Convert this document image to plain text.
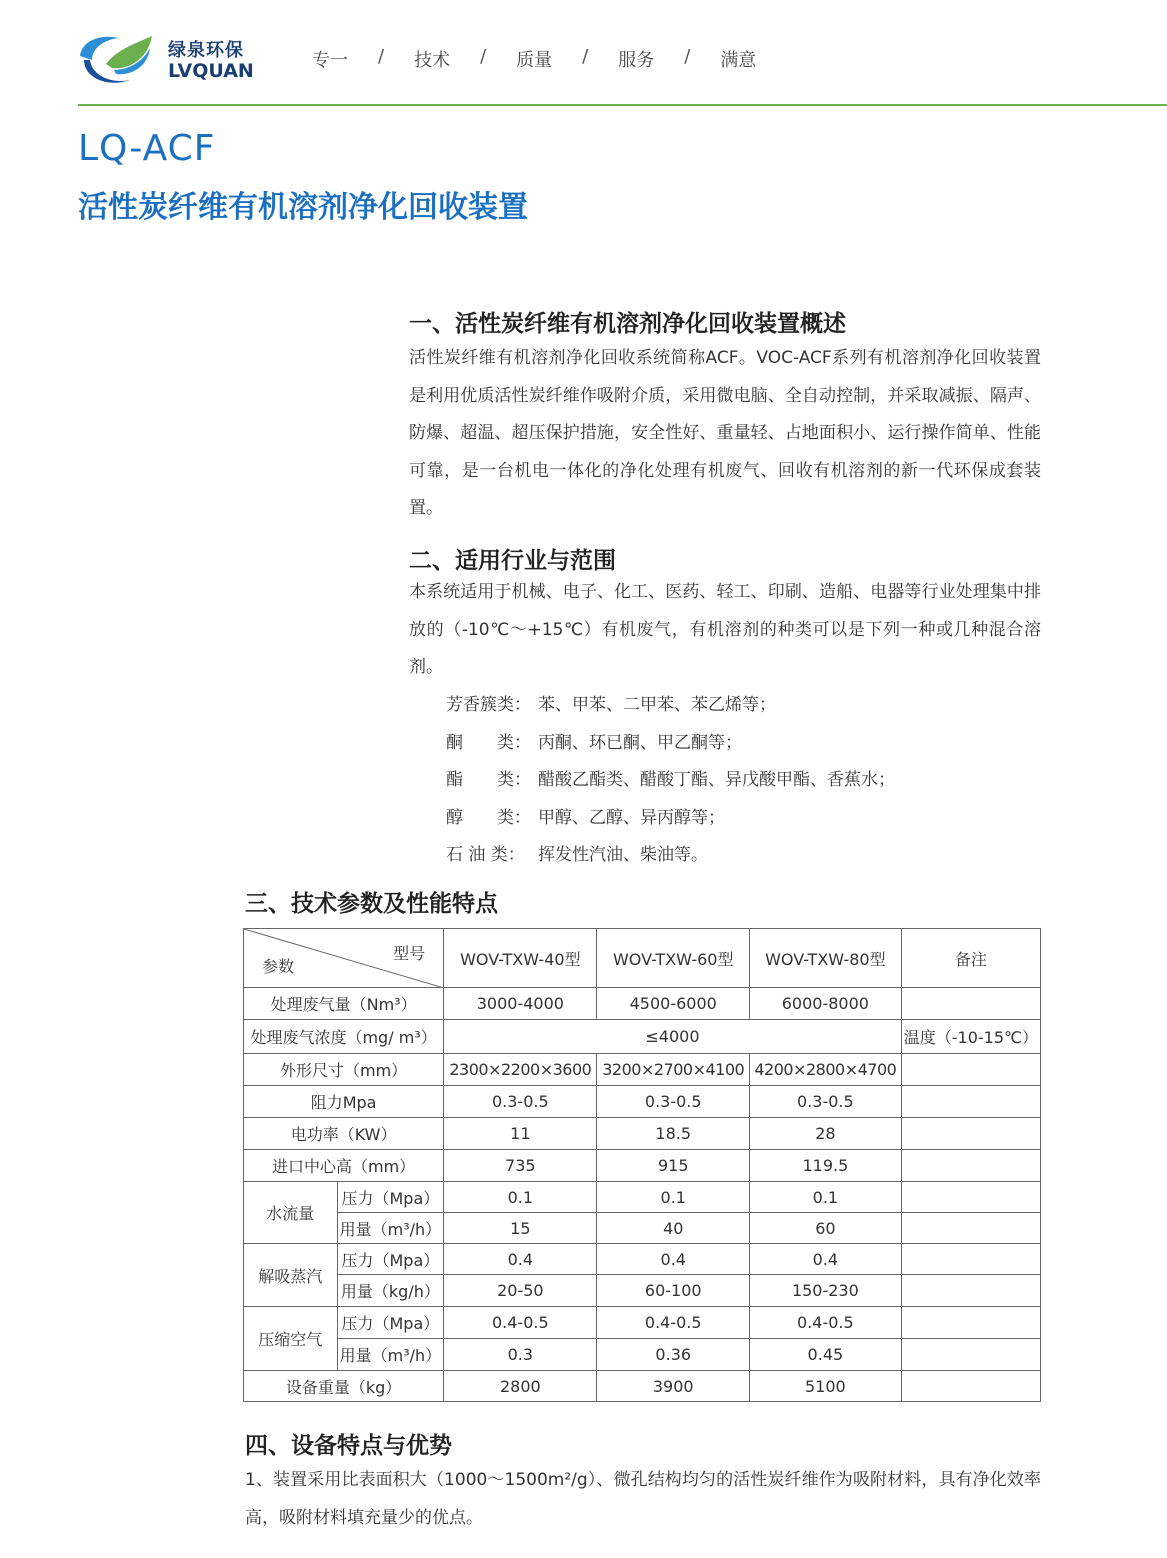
绿泉环保
LVQUAN	专一 / 技术 / 质量 / 服务 / 满意
LQ-ACF
活性炭纤维有机溶剂净化回收装置
一、活性炭纤维有机溶剂净化回收装置概述
活性炭纤维有机溶剂净化回收系统简称ACF。VOC-ACF系列有机溶剂净化回收装置是利用优质活性炭纤维作吸附介质，采用微电脑、全自动控制，并采取减振、隔声、防爆、超温、超压保护措施，安全性好、重量轻、占地面积小、运行操作简单、性能可靠，是一台机电一体化的净化处理有机废气、回收有机溶剂的新一代环保成套装置。
二、适用行业与范围
本系统适用于机械、电子、化工、医药、轻工、印刷、造船、电器等行业处理集中排放的（-10℃～+15℃）有机废气，有机溶剂的种类可以是下列一种或几种混合溶剂。
芳香簇类： 苯、甲苯、二甲苯、苯乙烯等；
酮　　类： 丙酮、环已酮、甲乙酮等；
酯　　类： 醋酸乙酯类、醋酸丁酯、异戊酸甲酯、香蕉水；
醇　　类： 甲醇、乙醇、异丙醇等；
石 油 类： 挥发性汽油、柴油等。
三、技术参数及性能特点
型号
参数		WOV-TXW-40型	WOV-TXW-60型	WOV-TXW-80型	备注
处理废气量（Nm³）		3000-4000	4500-6000	6000-8000	
处理废气浓度（mg/ m³）		≤4000			温度（-10-15℃）
外形尺寸（mm）		2300×2200×3600	3200×2700×4100	4200×2800×4700	
阻力Mpa		0.3-0.5	0.3-0.5	0.3-0.5	
电功率（KW）		11	18.5	28	
进口中心高（mm）		735	915	119.5	
水流量	压力（Mpa）	0.1	0.1	0.1	
	用量（m³/h）	15	40	60	
解吸蒸汽	压力（Mpa）	0.4	0.4	0.4	
	用量（kg/h）	20-50	60-100	150-230	
压缩空气	压力（Mpa）	0.4-0.5	0.4-0.5	0.4-0.5	
	用量（m³/h）	0.3	0.36	0.45	
设备重量（kg）		2800	3900	5100	
四、设备特点与优势
1、装置采用比表面积大（1000～1500m²/g）、微孔结构均匀的活性炭纤维作为吸附材料，具有净化效率高，吸附材料填充量少的优点。
